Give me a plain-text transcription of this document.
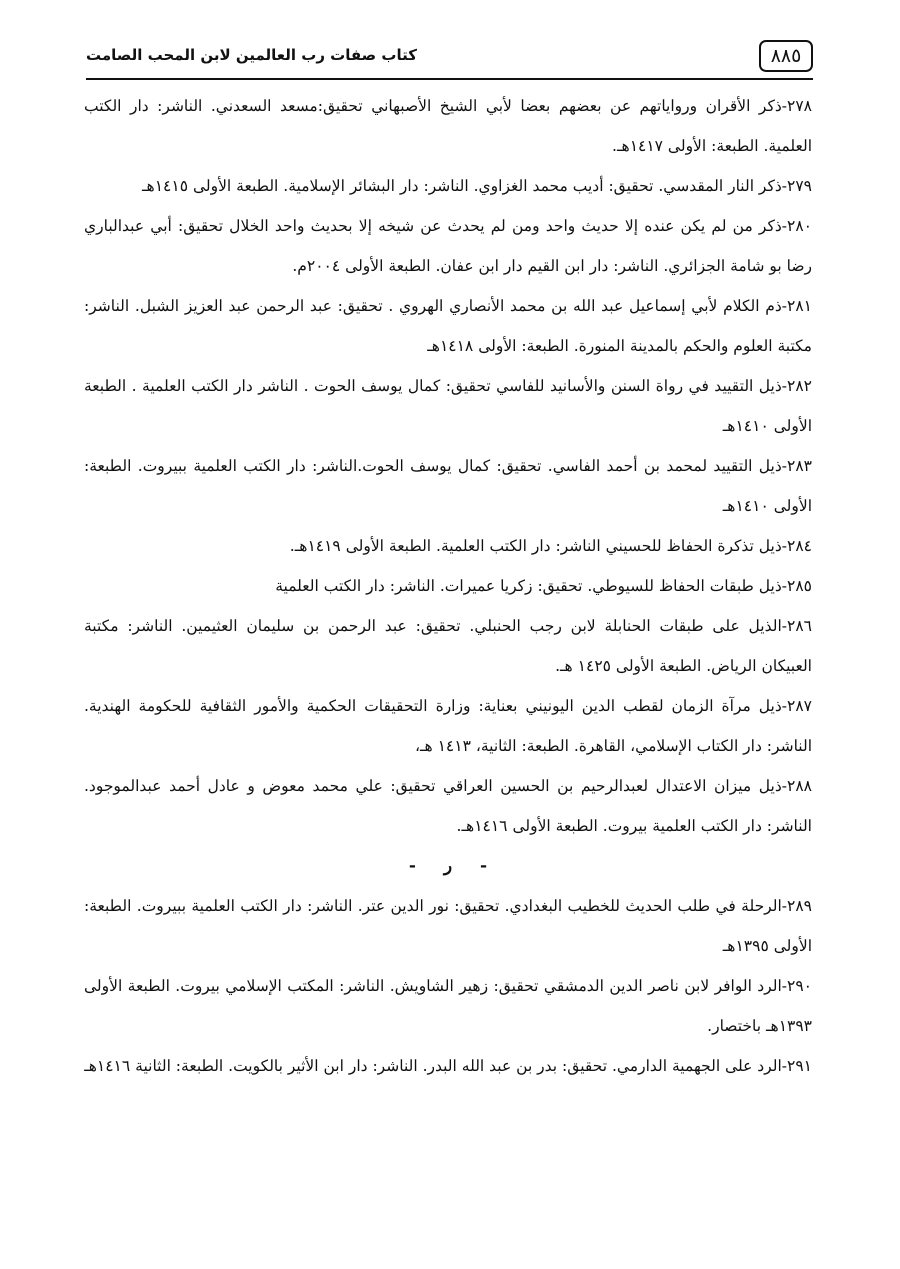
٨٨٥
كتاب صفات رب العالمين لابن المحب الصامت

٢٧٨-ذكر الأقران ورواياتهم عن بعضهم بعضا لأبي الشيخ الأصبهاني تحقيق:مسعد السعدني. الناشر: دار الكتب العلمية. الطبعة: الأولى ١٤١٧هـ.

٢٧٩-ذكر النار المقدسي. تحقيق: أديب محمد الغزاوي. الناشر: دار البشائر الإسلامية. الطبعة الأولى ١٤١٥هـ

٢٨٠-ذكر من لم يكن عنده إلا حديث واحد ومن لم يحدث عن شيخه إلا بحديث واحد الخلال تحقيق: أبي عبدالباري رضا بو شامة الجزائري. الناشر: دار ابن القيم دار ابن عفان. الطبعة الأولى ٢٠٠٤م.

٢٨١-ذم الكلام لأبي إسماعيل عبد الله بن محمد الأنصاري الهروي . تحقيق: عبد الرحمن عبد العزيز الشبل. الناشر: مكتبة العلوم والحكم بالمدينة المنورة. الطبعة: الأولى ١٤١٨هـ

٢٨٢-ذيل التقييد في رواة السنن والأسانيد للفاسي تحقيق: كمال يوسف الحوت . الناشر دار الكتب العلمية . الطبعة الأولى ١٤١٠هـ

٢٨٣-ذيل التقييد لمحمد بن أحمد الفاسي. تحقيق: كمال يوسف الحوت.الناشر: دار الكتب العلمية ببيروت. الطبعة: الأولى ١٤١٠هـ

٢٨٤-ذيل تذكرة الحفاظ للحسيني الناشر: دار الكتب العلمية. الطبعة الأولى ١٤١٩هـ.

٢٨٥-ذيل طبقات الحفاظ للسيوطي. تحقيق: زكريا عميرات. الناشر: دار الكتب العلمية

٢٨٦-الذيل على طبقات الحنابلة لابن رجب الحنبلي. تحقيق: عبد الرحمن بن سليمان العثيمين. الناشر: مكتبة العبيكان الرياض. الطبعة الأولى ١٤٢٥ هـ.

٢٨٧-ذيل مرآة الزمان لقطب الدين اليونيني بعناية: وزارة التحقيقات الحكمية والأمور الثقافية للحكومة الهندية. الناشر: دار الكتاب الإسلامي، القاهرة. الطبعة: الثانية، ١٤١٣ هـ،

٢٨٨-ذيل ميزان الاعتدال لعبدالرحيم بن الحسين العراقي تحقيق: علي محمد معوض و عادل أحمد عبدالموجود. الناشر: دار الكتب العلمية بيروت. الطبعة الأولى ١٤١٦هـ.

- ر -

٢٨٩-الرحلة في طلب الحديث للخطيب البغدادي. تحقيق: نور الدين عتر. الناشر: دار الكتب العلمية ببيروت. الطبعة: الأولى ١٣٩٥هـ

٢٩٠-الرد الوافر لابن ناصر الدين الدمشقي تحقيق: زهير الشاويش. الناشر: المكتب الإسلامي بيروت. الطبعة الأولى ١٣٩٣هـ باختصار.

٢٩١-الرد على الجهمية الدارمي. تحقيق: بدر بن عبد الله البدر. الناشر: دار ابن الأثير بالكويت. الطبعة: الثانية ١٤١٦هـ
